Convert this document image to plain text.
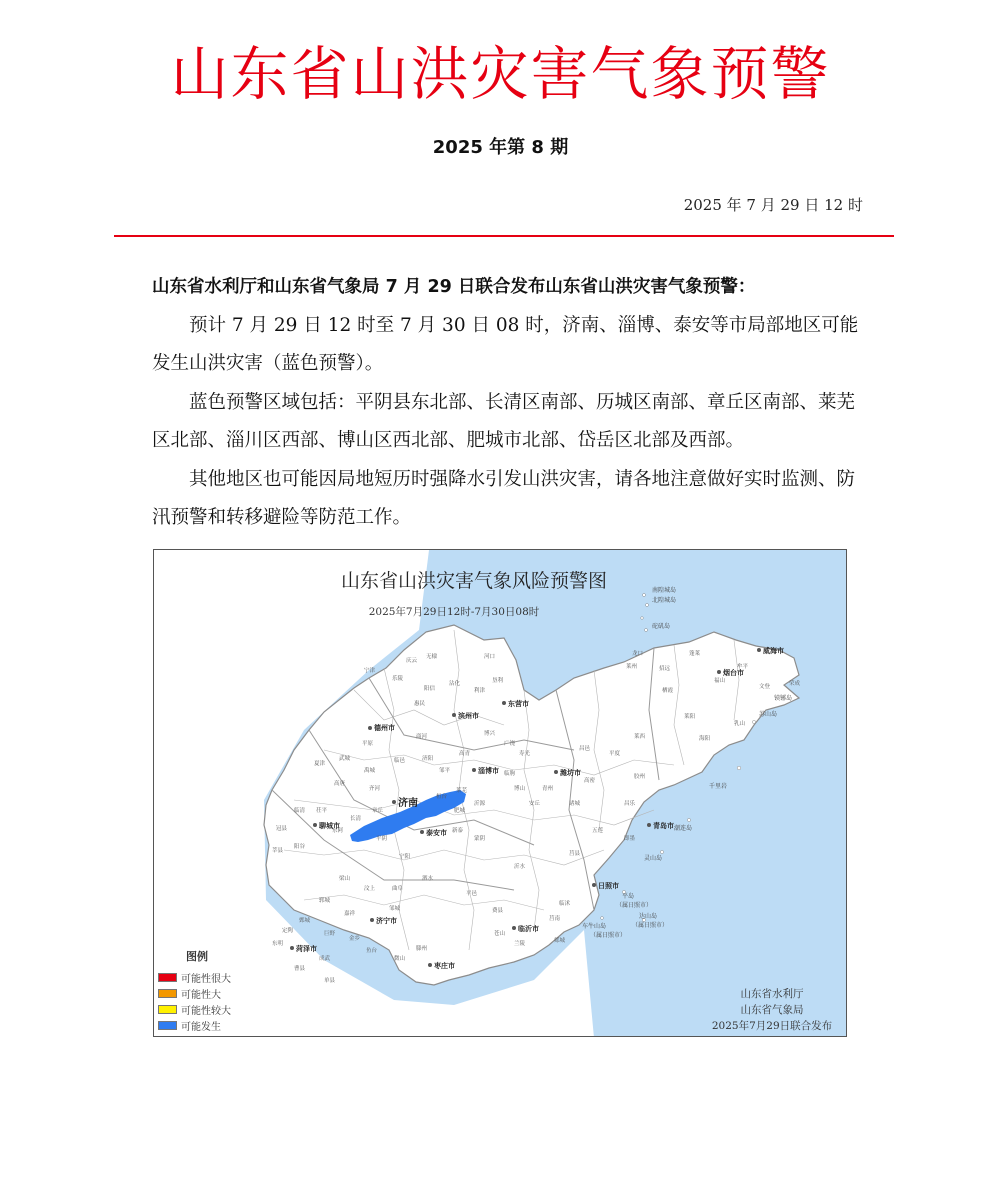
山东省山洪灾害气象预警
2025 年第 8 期
2025 年 7 月 29 日 12 时

山东省水利厅和山东省气象局 7 月 29 日联合发布山东省山洪灾害气象预警：

预计 7 月 29 日 12 时至 7 月 30 日 08 时，济南、淄博、泰安等市局部地区可能发生山洪灾害（蓝色预警）。

蓝色预警区域包括：平阴县东北部、长清区南部、历城区南部、章丘区南部、莱芜区北部、淄川区西部、博山区西北部、肥城市北部、岱岳区北部及西部。

其他地区也可能因局地短历时强降水引发山洪灾害，请各地注意做好实时监测、防汛预警和转移避险等防范工作。

德州市
滨州市
东营市
烟台市
威海市
淄博市	潍坊市
济南
聊城市
泰安市
青岛市
日照市
济宁市
菏泽市
临沂市
枣庄市
宁津
乐陵
庆云
无棣	河口
垦利
利津
沾化
阳信
惠民
博兴
广饶
寿光
昌邑
莱州	招远
龙口	蓬莱
福山
牟平
文登	荣成
乳山
海阳
莱阳
栖霞
莱西
平度
高密
诸城
五莲
莒县
沂水
沂源
蒙阴
平邑
费县
兰陵	郯城
苍山
莒南
临沭
新泰
宁阳
泗水
曲阜
邹城
滕州
微山
鱼台
金乡
嘉祥
汶上
梁山
郓城
鄄城
东明
曹县
单县
成武
巨野
定陶
冠县
莘县
阳谷
东阿
茌平
高唐
临清
夏津
武城
平原
禹城
齐河
临邑
商河
济阳
邹平
高青
桓台
章丘
长清
平阴
肥城
莱芜	博山
临朐
青州
安丘	昌乐
胶州
即墨
千里岩
潮连岛
灵山岛
平岛
（属日照市）
达山岛
（属日照市）
车牛山岛
（属日照市）
苏山岛
镆铘岛
南隍城岛
北隍城岛
砣矶岛
山东省山洪灾害气象风险预警图
2025年7月29日12时-7月30日08时
图例
可能性很大
可能性大
可能性较大
可能发生
山东省水利厅
山东省气象局
2025年7月29日联合发布
